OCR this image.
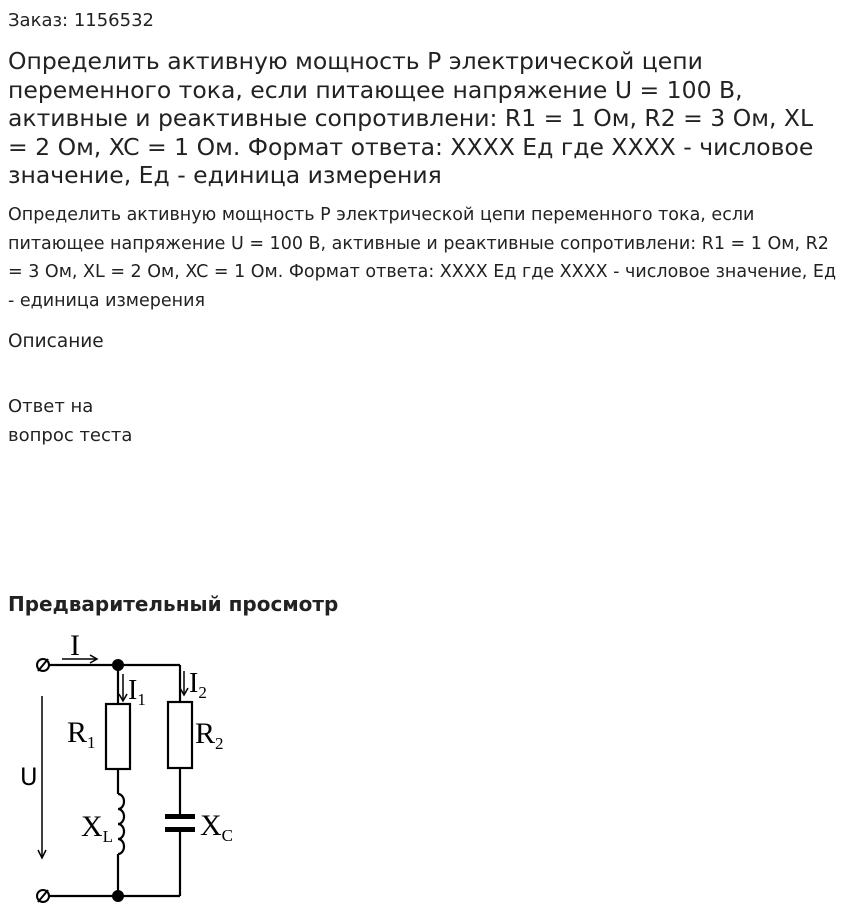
Заказ: 1156532
Определить активную мощность P электрической цепи переменного тока, если питающее напряжение U = 100 В, активные и реактивные сопротивлени: R1 = 1 Ом, R2 = 3 Ом, XL = 2 Ом, XC = 1 Ом. Формат ответа: XXXX Ед где XXXX - числовое значение, Ед - единица измерения
Определить активную мощность P электрической цепи переменного тока, если питающее напряжение U = 100 В, активные и реактивные сопротивлени: R1 = 1 Ом, R2 = 3 Ом, XL = 2 Ом, XC = 1 Ом. Формат ответа: XXXX Ед где XXXX - числовое значение, Ед - единица измерения
Описание
Ответ на вопрос теста
Предварительный просмотр
I
$I_1$
$I_2$
$R_1$	$R_2$
$X_L$	$X_C$
U
